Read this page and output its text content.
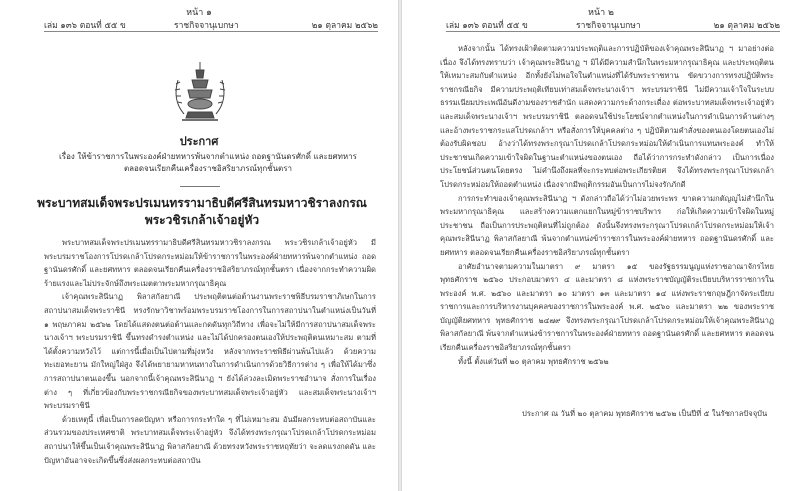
หน้า ๑
เล่ม ๑๓๖ ตอนที่ ๕๕ ข	ราชกิจจานุเบกษา	๒๑ ตุลาคม ๒๕๖๒
ประกาศ
เรื่อง ให้ข้าราชการในพระองค์ฝ่ายทหารพ้นจากตำแหน่ง ถอดฐานันดรศักดิ์ และยศทหาร
ตลอดจนเรียกคืนเครื่องราชอิสริยาภรณ์ทุกชั้นตรา
พระบาทสมเด็จพระปรเมนทรรามาธิบดีศรีสินทรมหาวชิราลงกรณ
พระวชิรเกล้าเจ้าอยู่หัว

พระบาทสมเด็จพระปรเมนทรรามาธิบดีศรีสินทรมหาวชิราลงกรณ พระวชิรเกล้าเจ้าอยู่หัว มีพระบรมราชโองการโปรดเกล้าโปรดกระหม่อมให้ข้าราชการในพระองค์ฝ่ายทหารพ้นจากตำแหน่ง ถอดฐานันดรศักดิ์ และยศทหาร ตลอดจนเรียกคืนเครื่องราชอิสริยาภรณ์ทุกชั้นตรา เนื่องจากกระทำความผิดร้ายแรงและไม่ประจักษ์ถึงพระเมตตาพระมหากรุณาธิคุณ

เจ้าคุณพระสินีนาฏ พิลาสกัลยาณี ประพฤติตนต่อต้านงานพระราชพิธีบรมราชาภิเษกในการสถาปนาสมเด็จพระราชินี ทรงรักษาวิชาพร้อมพระบรมราชโองการในการสถาปนาในตำแหน่งเป็นวันที่ ๑ พฤษภาคม ๒๕๖๒ โดยได้แสดงตนต่อต้านและกดดันทุกวิถีทาง เพื่อจะไม่ให้มีการสถาปนาสมเด็จพระนางเจ้าฯ พระบรมราชินี ขึ้นทรงดำรงตำแหน่ง และไม่ได้ปกครองตนเองให้ประพฤติตนเหมาะสม ตามที่ได้ตั้งความหวังไว้ แต่การนี้เมื่อเป็นไปตามที่มุ่งหวัง หลังจากพระราชพิธีผ่านพ้นไปแล้ว ด้วยความทะเยอทะยาน มักใหญ่ใฝ่สูง จึงได้พยายามหาหนทางในการดำเนินการด้วยวิธีการต่าง ๆ เพื่อให้ได้มาซึ่งการสถาปนาตนเองขึ้น นอกจากนี้เจ้าคุณพระสินีนาฏ ฯ ยังได้ล่วงละเมิดพระราชอำนาจ สั่งการในเรื่องต่าง ๆ ที่เกี่ยวข้องกับพระราชกรณียกิจของพระบาทสมเด็จพระเจ้าอยู่หัว และสมเด็จพระนางเจ้าฯ พระบรมราชินี

ด้วยเหตุนี้ เพื่อเป็นการลดปัญหา หรือการกระทำใด ๆ ที่ไม่เหมาะสม อันมีผลกระทบต่อสถาบันและส่วนรวมของประเทศชาติ พระบาทสมเด็จพระเจ้าอยู่หัว จึงได้ทรงพระกรุณาโปรดเกล้าโปรดกระหม่อมสถาปนาให้ขึ้นเป็นเจ้าคุณพระสินีนาฏ พิลาสกัลยาณี ด้วยทรงหวังพระราชหฤทัยว่า จะลดแรงกดดัน และปัญหาอันอาจจะเกิดขึ้นซึ่งส่งผลกระทบต่อสถาบัน

หน้า ๒
เล่ม ๑๓๖ ตอนที่ ๕๕ ข	ราชกิจจานุเบกษา	๒๑ ตุลาคม ๒๕๖๒

หลังจากนั้น ได้ทรงเฝ้าติดตามความประพฤติและการปฏิบัติของเจ้าคุณพระสินีนาฏ ฯ มาอย่างต่อเนื่อง จึงได้ทรงทราบว่า เจ้าคุณพระสินีนาฏ ฯ มิได้มีความสำนึกในพระมหากรุณาธิคุณ และประพฤติตนให้เหมาะสมกับตำแหน่ง อีกทั้งยังไม่พอใจในตำแหน่งที่ได้รับพระราชทาน ขัดขวางการทรงปฏิบัติพระราชกรณียกิจ มีความประพฤติเทียบเท่าสมเด็จพระนางเจ้าฯ พระบรมราชินี ไม่มีความเจ้าใจในระบบธรรมเนียมประเพณีอันดีงามของราชสำนัก แสดงความกระด้างกระเดื่อง ต่อพระบาทสมเด็จพระเจ้าอยู่หัว และสมเด็จพระนางเจ้าฯ พระบรมราชินี ตลอดจนใช้ประโยชน์จากตำแหน่งในการดำเนินการด้านต่างๆ และอ้างพระราชกระแสโปรดเกล้าฯ หรือสั่งการให้บุคคลต่าง ๆ ปฏิบัติตามคำสั่งของตนเองโดยตนเองไม่ต้องรับผิดชอบ อ้างว่าได้ทรงพระกรุณาโปรดเกล้าโปรดกระหม่อมให้ดำเนินการแทนพระองค์ ทำให้ประชาชนเกิดความเข้าใจผิดในฐานะตำแหน่งของตนเอง ถือได้ว่าการกระทำดังกล่าว เป็นการเนื่องประโยชน์ส่วนตนโดยตรง ไม่คำนึงถึงผลที่จะกระทบต่อพระเกียรติยศ จึงได้ทรงพระกรุณาโปรดเกล้าโปรดกระหม่อมให้ถอดตำแหน่ง เนื่องจากมีพฤติกรรมอันเป็นการไม่จงรักภักดี

การกระทำของเจ้าคุณพระสินีนาฏ ฯ ดังกล่าวถือได้ว่าไม่อวยพระพร ขาดความกตัญญูไม่สำนึกในพระมหากรุณาธิคุณ และสร้างความแตกแยกในหมู่ข้าราชบริพาร ก่อให้เกิดความเข้าใจผิดในหมู่ประชาชน ถือเป็นการประพฤติตนที่ไม่ถูกต้อง ดังนั้นจึงทรงพระกรุณาโปรดเกล้าโปรดกระหม่อมให้เจ้าคุณพระสินีนาฏ พิลาสกัลยาณี พ้นจากตำแหน่งข้าราชการในพระองค์ฝ่ายทหาร ถอดฐานันดรศักดิ์ และยศทหาร ตลอดจนเรียกคืนเครื่องราชอิสริยาภรณ์ทุกชั้นตรา

อาศัยอำนาจตามความในมาตรา ๙ มาตรา ๑๕ ของรัฐธรรมนูญแห่งราชอาณาจักรไทย พุทธศักราช ๒๕๖๐ ประกอบมาตรา ๔ และมาตรา ๘ แห่งพระราชบัญญัติระเบียบบริหารราชการในพระองค์ พ.ศ. ๒๕๖๐ และมาตรา ๑๐ มาตรา ๑๓ และมาตรา ๑๔ แห่งพระราชกฤษฎีกาจัดระเบียบราชการและการบริหารงานบุคคลของราชการในพระองค์ พ.ศ. ๒๕๖๐ และมาตรา ๒๒ ของพระราชบัญญัติยศทหาร พุทธศักราช ๒๔๗๙ จึงทรงพระกรุณาโปรดเกล้าโปรดกระหม่อมให้เจ้าคุณพระสินีนาฏ พิลาสกัลยาณี พ้นจากตำแหน่งข้าราชการในพระองค์ฝ่ายทหาร ถอดฐานันดรศักดิ์ และยศทหาร ตลอดจนเรียกคืนเครื่องราชอิสริยาภรณ์ทุกชั้นตรา

ทั้งนี้ ตั้งแต่วันที่ ๒๐ ตุลาคม พุทธศักราช ๒๕๖๒

ประกาศ ณ วันที่ ๒๐ ตุลาคม พุทธศักราช ๒๕๖๒ เป็นปีที่ ๕ ในรัชกาลปัจจุบัน
